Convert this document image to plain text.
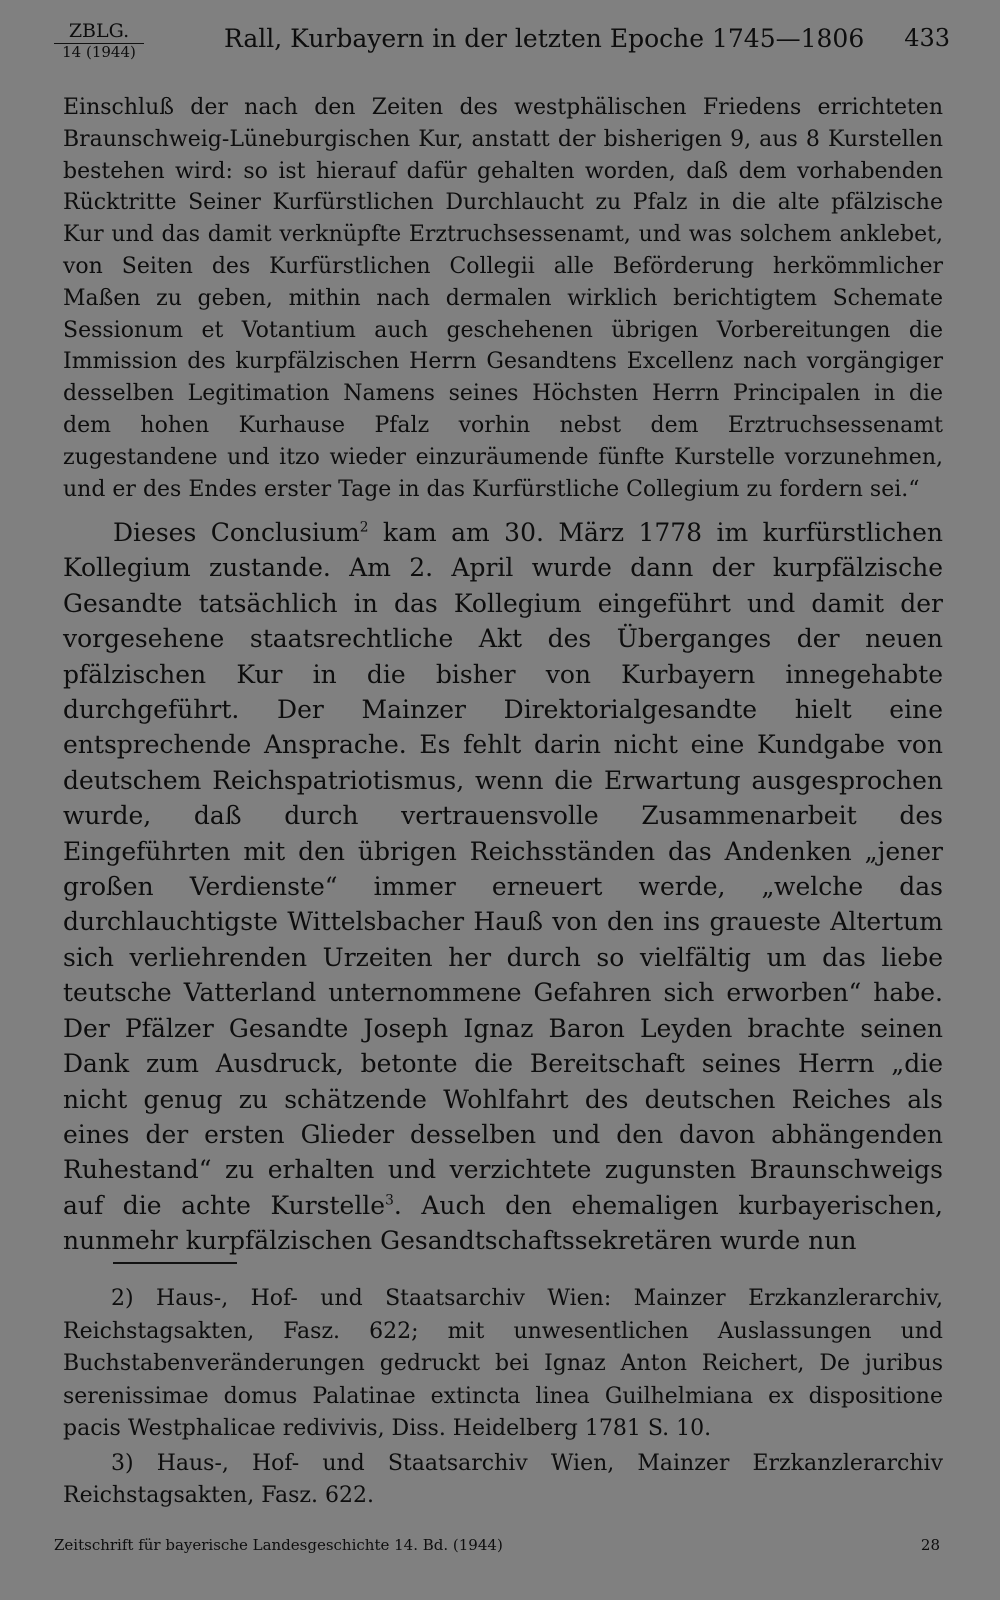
ZBLG.
14 (1944)	Rall, Kurbayern in der letzten Epoche 1745—1806 433

Einschluß der nach den Zeiten des westphälischen Friedens errichteten Braunschweig-Lüneburgischen Kur, anstatt der bisherigen 9, aus 8 Kurstellen bestehen wird: so ist hierauf dafür gehalten worden, daß dem vorhabenden Rücktritte Seiner Kurfürstlichen Durchlaucht zu Pfalz in die alte pfälzische Kur und das damit verknüpfte Erztruchsessenamt, und was solchem anklebet, von Seiten des Kurfürstlichen Collegii alle Beförderung herkömmlicher Maßen zu geben, mithin nach dermalen wirklich berichtigtem Schemate Sessionum et Votantium auch geschehenen übrigen Vorbereitungen die Immission des kurpfälzischen Herrn Gesandtens Excellenz nach vorgängiger desselben Legitimation Namens seines Höchsten Herrn Principalen in die dem hohen Kurhause Pfalz vorhin nebst dem Erztruchsessenamt zugestandene und itzo wieder einzuräumende fünfte Kurstelle vorzunehmen, und er des Endes erster Tage in das Kurfürstliche Collegium zu fordern sei.“

Dieses Conclusium$^2$ kam am 30. März 1778 im kurfürstlichen Kollegium zustande. Am 2. April wurde dann der kurpfälzische Gesandte tatsächlich in das Kollegium eingeführt und damit der vorgesehene staatsrechtliche Akt des Überganges der neuen pfälzischen Kur in die bisher von Kurbayern innegehabte durchgeführt. Der Mainzer Direktorialgesandte hielt eine entsprechende Ansprache. Es fehlt darin nicht eine Kundgabe von deutschem Reichspatriotismus, wenn die Erwartung ausgesprochen wurde, daß durch vertrauensvolle Zusammenarbeit des Eingeführten mit den übrigen Reichsständen das Andenken „jener großen Verdienste“ immer erneuert werde, „welche das durchlauchtigste Wittelsbacher Hauß von den ins graueste Altertum sich verliehrenden Urzeiten her durch so vielfältig um das liebe teutsche Vatterland unternommene Gefahren sich erworben“ habe. Der Pfälzer Gesandte Joseph Ignaz Baron Leyden brachte seinen Dank zum Ausdruck, betonte die Bereitschaft seines Herrn „die nicht genug zu schätzende Wohlfahrt des deutschen Reiches als eines der ersten Glieder desselben und den davon abhängenden Ruhestand“ zu erhalten und verzichtete zugunsten Braunschweigs auf die achte Kurstelle$^3$. Auch den ehemaligen kurbayerischen, nunmehr kurpfälzischen Gesandtschaftssekretären wurde nun

2) Haus-, Hof- und Staatsarchiv Wien: Mainzer Erzkanzlerarchiv, Reichstagsakten, Fasz. 622; mit unwesentlichen Auslassungen und Buchstabenveränderungen gedruckt bei Ignaz Anton Reichert, De juribus serenissimae domus Palatinae extincta linea Guilhelmiana ex dispositione pacis Westphalicae redivivis, Diss. Heidelberg 1781 S. 10.

3) Haus-, Hof- und Staatsarchiv Wien, Mainzer Erzkanzlerarchiv Reichstagsakten, Fasz. 622.

Zeitschrift für bayerische Landesgeschichte 14. Bd. (1944)	28
